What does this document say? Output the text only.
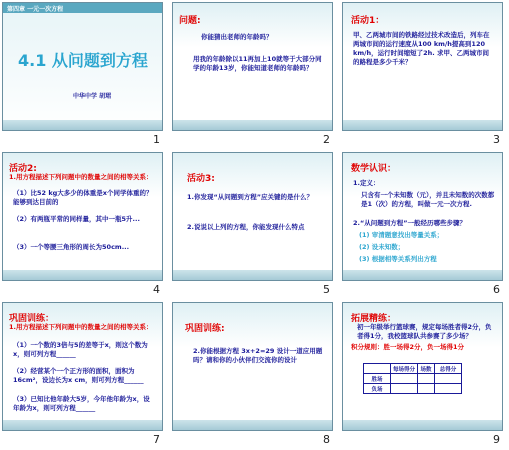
第四章 一元一次方程
4.1 从问题到方程
中华中学 胡珺
1
问题:
你能猜出老师的年龄吗？
用我的年龄除以11再加上10就等于大部分同学的年龄13岁，你能知道老师的年龄吗？
2
活动1：
甲、乙两城市间的铁路经过技术改造后，列车在两城市间的运行速度从100 km/h提高到120 km/h，运行时间缩短了2h. 求甲、乙两城市间的路程是多少千米？
3
活动2:
1.用方程描述下列问题中的数量之间的相等关系：
（1）比52 kg大多少的体重是x个同学体重的？能够到达目前的
（2）有两瓶平常的同样量，其中一瓶5升...
（3）一个等腰三角形的周长为50cm...
4
活动3:
1.你发现“从问题到方程”应关键的是什么？
2.说说以上列的方程，你能发现什么特点
5
数学认识：
1.定义：
只含有一个未知数（元），并且未知数的次数都是1（次）的方程，叫做一元一次方程.
2.“从问题到方程”一般经历哪些步骤？
(1) 审清题意找出等量关系；
(2) 设未知数；
(3) 根据相等关系列出方程
6
巩固训练：
1.用方程描述下列问题中的数量之间的相等关系：
（1）一个数的3倍与5的差等于x，则这个数为x，则可列方程______
（2）经营某个一个正方形的面积，面积为16cm²，设边长为x cm，则可列方程______
（3）已知比他年龄大5岁，今年他年龄为x，设年龄为x，则可列方程______
7
巩固训练:
2.你能根据方程 3x+2=29 设计一道应用题吗？请和你的小伙伴们交流你的设计
8
拓展精练：
初一年级举行篮球赛，规定每场胜者得2分，负者得1分，我校篮球队共参赛了多少场？
积分规则：胜一场得2分，负一场得1分
	每场得分	场数	总得分
胜场			
负场			
9
